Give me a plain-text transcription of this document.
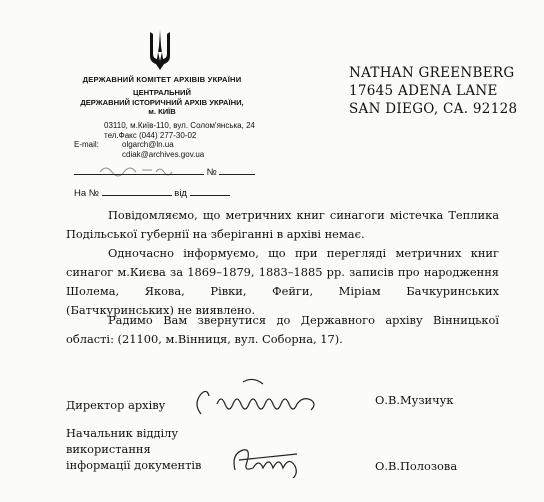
ДЕРЖАВНИЙ КОМІТЕТ АРХІВІВ УКРАЇНИ
ЦЕНТРАЛЬНИЙ
ДЕРЖАВНИЙ ІСТОРИЧНИЙ АРХІВ УКРАЇНИ,
м. КИЇВ
03110, м.Київ-110, вул. Солом'янська, 24
тел.Факс (044) 277-30-02
E-mail:	olgarch@ln.ua
cdiak@archives.gov.ua
№
На №	від
NATHAN GREENBERG
17645 ADENA LANE
SAN DIEGO, CA. 92128
Повідомляємо, що метричних книг синагоги містечка Теплика Подільської губернії на зберіганні в архіві немає.
Одночасно інформуємо, що при перегляді метричних книг синагог м.Києва за 1869–1879, 1883–1885 рр. записів про народження Шолема, Якова, Рівки, Фейги, Міріам Бачкуринських (Батчкуринських) не виявлено.
Радимо Вам звернутися до Державного архіву Вінницької області: (21100, м.Вінниця, вул. Соборна, 17).
Директор архіву	О.В.Музичук
Начальник відділу
використання
інформації документів	О.В.Полозова
